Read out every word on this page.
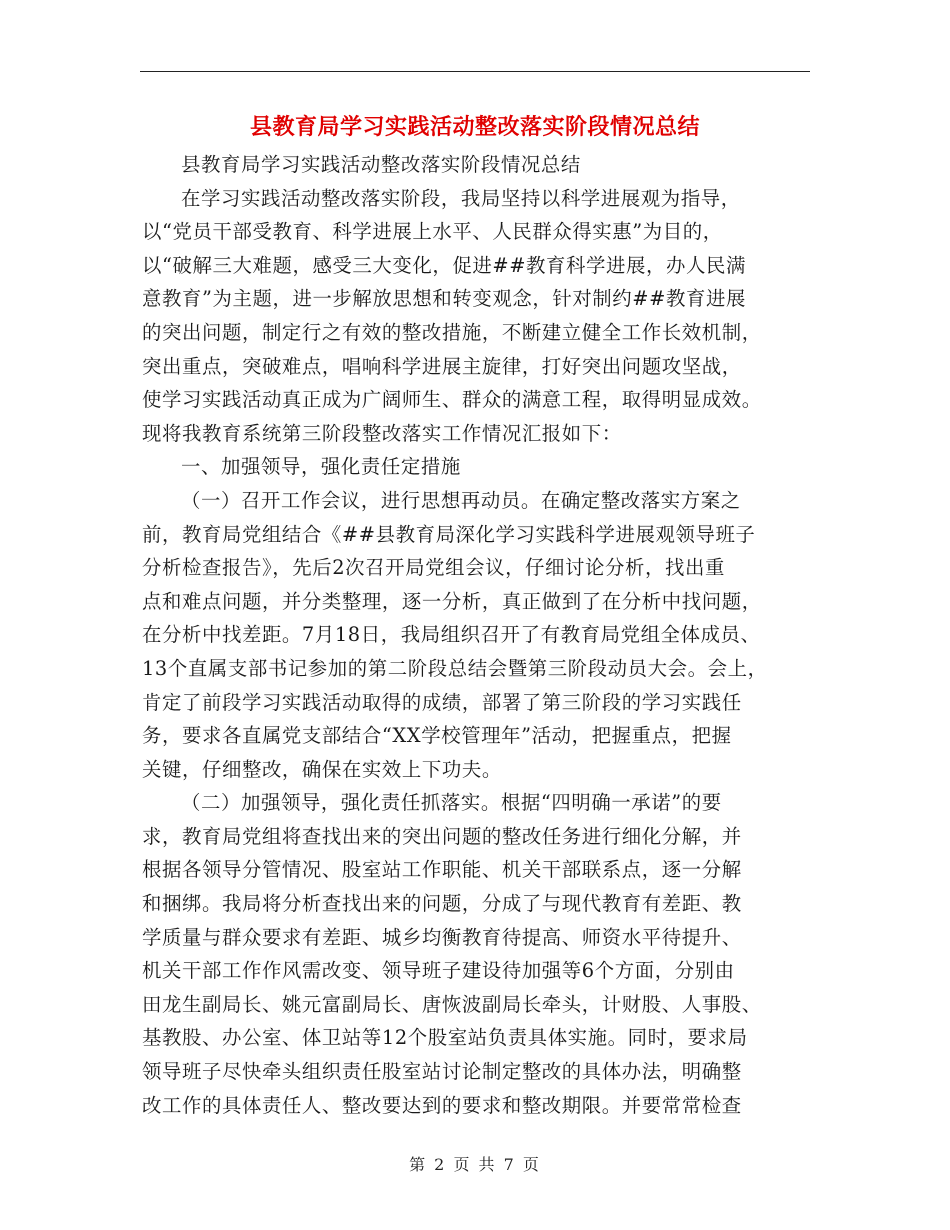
县教育局学习实践活动整改落实阶段情况总结

县教育局学习实践活动整改落实阶段情况总结

在学习实践活动整改落实阶段，我局坚持以科学进展观为指导，
以“党员干部受教育、科学进展上水平、人民群众得实惠”为目的，
以“破解三大难题，感受三大变化，促进##教育科学进展，办人民满
意教育”为主题，进一步解放思想和转变观念，针对制约##教育进展
的突出问题，制定行之有效的整改措施，不断建立健全工作长效机制，
突出重点，突破难点，唱响科学进展主旋律，打好突出问题攻坚战，
使学习实践活动真正成为广阔师生、群众的满意工程，取得明显成效。
现将我教育系统第三阶段整改落实工作情况汇报如下：

一、加强领导，强化责任定措施

（一）召开工作会议，进行思想再动员。在确定整改落实方案之
前，教育局党组结合《##县教育局深化学习实践科学进展观领导班子
分析检查报告》，先后2次召开局党组会议，仔细讨论分析，找出重
点和难点问题，并分类整理，逐一分析，真正做到了在分析中找问题，
在分析中找差距。7月18日，我局组织召开了有教育局党组全体成员、
13个直属支部书记参加的第二阶段总结会暨第三阶段动员大会。会上，
肯定了前段学习实践活动取得的成绩，部署了第三阶段的学习实践任
务，要求各直属党支部结合“XX学校管理年”活动，把握重点，把握
关键，仔细整改，确保在实效上下功夫。

（二）加强领导，强化责任抓落实。根据“四明确一承诺”的要
求，教育局党组将查找出来的突出问题的整改任务进行细化分解，并
根据各领导分管情况、股室站工作职能、机关干部联系点，逐一分解
和捆绑。我局将分析查找出来的问题，分成了与现代教育有差距、教
学质量与群众要求有差距、城乡均衡教育待提高、师资水平待提升、
机关干部工作作风需改变、领导班子建设待加强等6个方面，分别由
田龙生副局长、姚元富副局长、唐恢波副局长牵头，计财股、人事股、
基教股、办公室、体卫站等12个股室站负责具体实施。同时，要求局
领导班子尽快牵头组织责任股室站讨论制定整改的具体办法，明确整
改工作的具体责任人、整改要达到的要求和整改期限。并要常常检查

第 2 页 共 7 页
